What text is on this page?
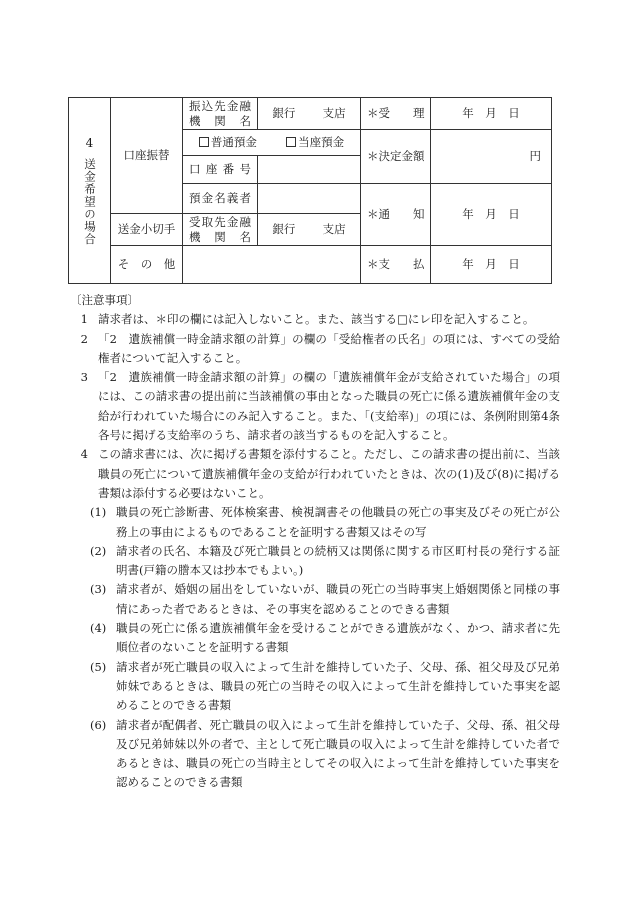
4
送金希望の場合	口座振替	振込先金融機関名	銀行 支店	＊受　　理	年　月　日
		普通預金 当座預金		＊決定金額	円
		口座番号			
		預金名義者		＊通　　知	年　月　日
	送金小切手	受取先金融機関名	銀行 支店		
	そ　の　他			＊支　　払	年　月　日

〔注意事項〕

1 請求者は、＊印の欄には記入しないこと。また、該当する□にレ印を記入すること。
2 「2　遺族補償一時金請求額の計算」の欄の「受給権者の氏名」の項には、すべての受給権者について記入すること。
3 「2　遺族補償一時金請求額の計算」の欄の「遺族補償年金が支給されていた場合」の項には、この請求書の提出前に当該補償の事由となった職員の死亡に係る遺族補償年金の支給が行われていた場合にのみ記入すること。また、「(支給率)」の項には、条例附則第4条各号に掲げる支給率のうち、請求者の該当するものを記入すること。
4 この請求書には、次に掲げる書類を添付すること。ただし、この請求書の提出前に、当該職員の死亡について遺族補償年金の支給が行われていたときは、次の(1)及び(8)に掲げる書類は添付する必要はないこと。
(1) 職員の死亡診断書、死体検案書、検視調書その他職員の死亡の事実及びその死亡が公務上の事由によるものであることを証明する書類又はその写
(2) 請求者の氏名、本籍及び死亡職員との続柄又は関係に関する市区町村長の発行する証明書(戸籍の謄本又は抄本でもよい。)
(3) 請求者が、婚姻の届出をしていないが、職員の死亡の当時事実上婚姻関係と同様の事情にあった者であるときは、その事実を認めることのできる書類
(4) 職員の死亡に係る遺族補償年金を受けることができる遺族がなく、かつ、請求者に先順位者のないことを証明する書類
(5) 請求者が死亡職員の収入によって生計を維持していた子、父母、孫、祖父母及び兄弟姉妹であるときは、職員の死亡の当時その収入によって生計を維持していた事実を認めることのできる書類
(6) 請求者が配偶者、死亡職員の収入によって生計を維持していた子、父母、孫、祖父母及び兄弟姉妹以外の者で、主として死亡職員の収入によって生計を維持していた者であるときは、職員の死亡の当時主としてその収入によって生計を維持していた事実を認めることのできる書類
